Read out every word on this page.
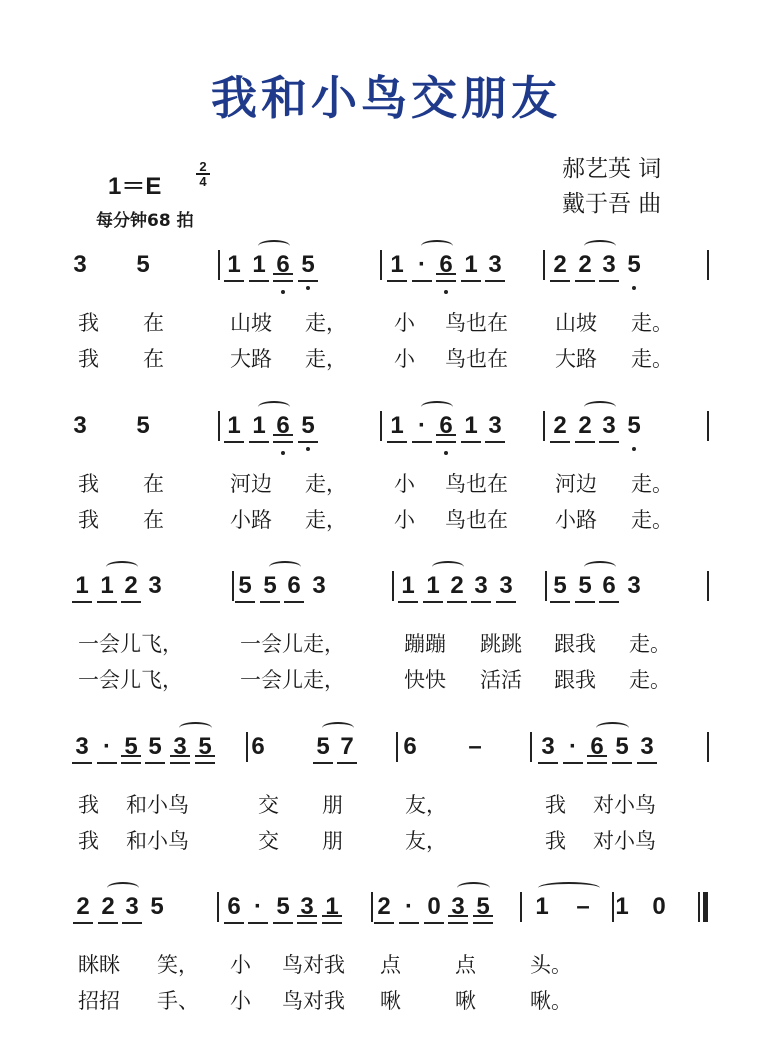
我和小鸟交朋友
1＝E	$\frac{2}{4}$
每分钟68 拍
郝艺英 词
戴于吾 曲
3 5	1 1 6 5	1 · 6 1 3 2 2 3 5
我 在	山坡 走， 小 鸟也在 山坡 走。
我 在	大路 走， 小 鸟也在 大路 走。
3 5	1 1 6 5	1 · 6 1 3 2 2 3 5
我 在	河边 走， 小 鸟也在 河边 走。
我 在	小路 走， 小 鸟也在 小路 走。
1 1 2 3	5 5 6 3	1 1 2 3 3 5 5 6 3
一会儿飞，	一会儿走，	蹦蹦 跳跳 跟我 走。
一会儿飞，	一会儿走，	快快 活活 跟我 走。
3 · 5 5 3 5 6 5 7 6 – 3 · 6 5 3
我 和小鸟	交 朋	友，	我 对小鸟
我 和小鸟	交 朋	友，	我 对小鸟
2 2 3 5	6 · 5 3 1 2 · 0 3 5 1 – 1 0
眯眯 笑， 小 鸟对我 点	点	头。
招招 手、 小 鸟对我 啾	啾	啾。
